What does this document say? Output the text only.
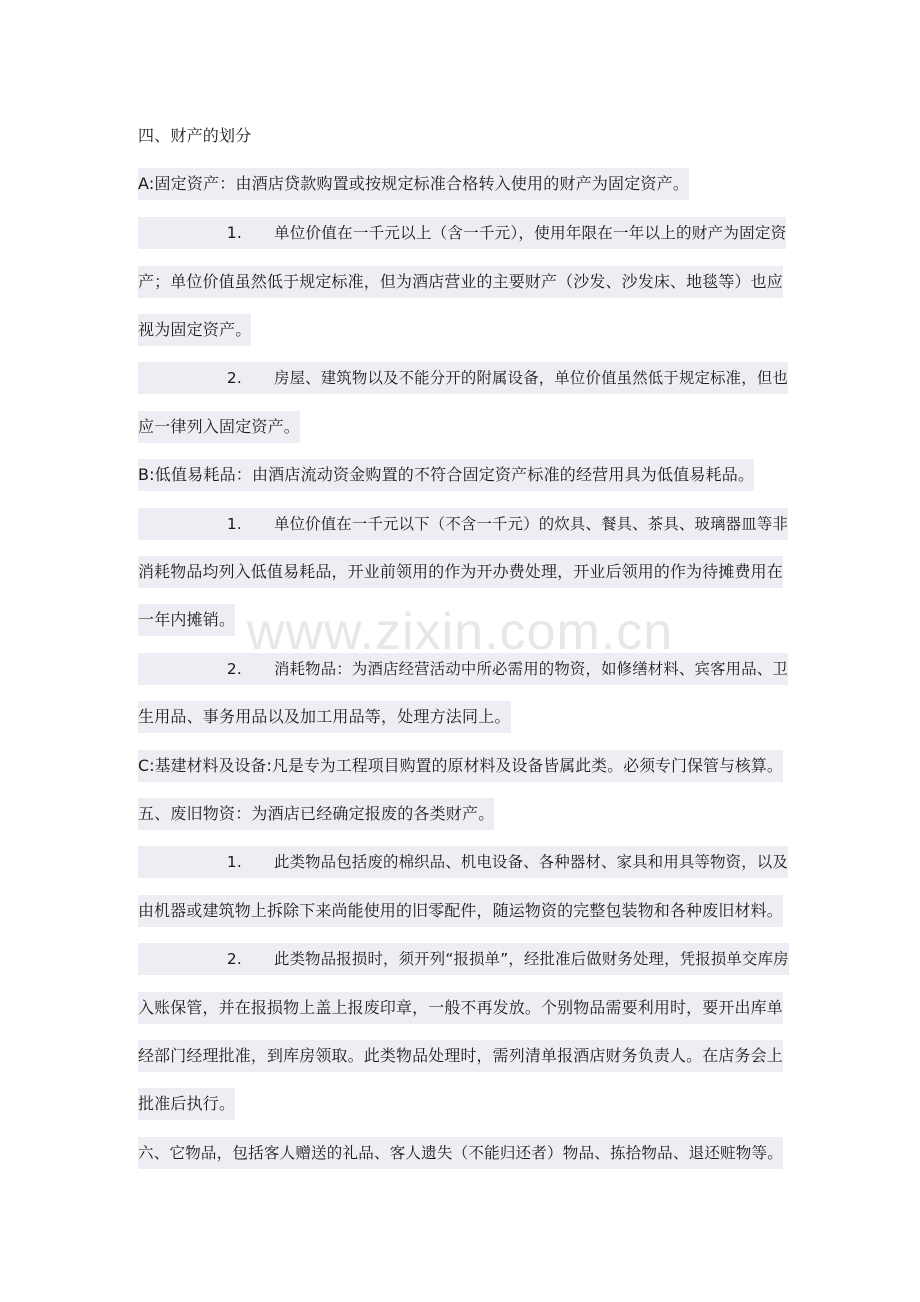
四、财产的划分
A:固定资产：由酒店贷款购置或按规定标准合格转入使用的财产为固定资产。
1. 单位价值在一千元以上（含一千元），使用年限在一年以上的财产为固定资
产；单位价值虽然低于规定标准，但为酒店营业的主要财产（沙发、沙发床、地毯等）也应
视为固定资产。
2. 房屋、建筑物以及不能分开的附属设备，单位价值虽然低于规定标准，但也
应一律列入固定资产。
B:低值易耗品：由酒店流动资金购置的不符合固定资产标准的经营用具为低值易耗品。
1. 单位价值在一千元以下（不含一千元）的炊具、餐具、茶具、玻璃器皿等非
消耗物品均列入低值易耗品，开业前领用的作为开办费处理，开业后领用的作为待摊费用在
一年内摊销。
2. 消耗物品：为酒店经营活动中所必需用的物资，如修缮材料、宾客用品、卫
生用品、事务用品以及加工用品等，处理方法同上。
C:基建材料及设备:凡是专为工程项目购置的原材料及设备皆属此类。必须专门保管与核算。
五、废旧物资：为酒店已经确定报废的各类财产。
1. 此类物品包括废的棉织品、机电设备、各种器材、家具和用具等物资，以及
由机器或建筑物上拆除下来尚能使用的旧零配件，随运物资的完整包装物和各种废旧材料。
2. 此类物品报损时，须开列“报损单”，经批准后做财务处理，凭报损单交库房
入账保管，并在报损物上盖上报废印章，一般不再发放。个别物品需要利用时，要开出库单
经部门经理批准，到库房领取。此类物品处理时，需列清单报酒店财务负责人。在店务会上
批准后执行。
六、它物品，包括客人赠送的礼品、客人遗失（不能归还者）物品、拣拾物品、退还赃物等。
www.zixin.com.cn
